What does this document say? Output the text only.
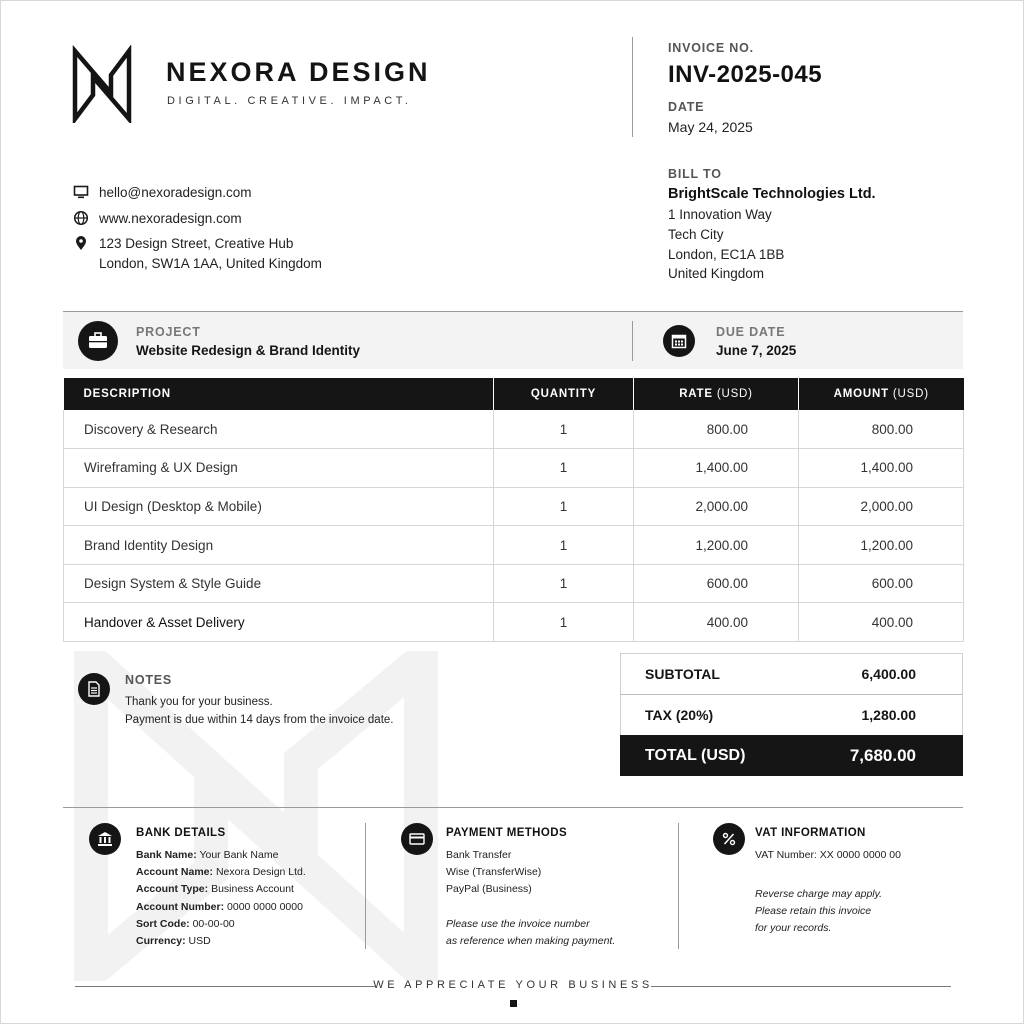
NEXORA DESIGN
DIGITAL. CREATIVE. IMPACT.
INVOICE NO.
INV-2025-045
DATE
May 24, 2025
hello@nexoradesign.com
www.nexoradesign.com
123 Design Street, Creative Hub
London, SW1A 1AA, United Kingdom
BILL TO
BrightScale Technologies Ltd.
1 Innovation Way
Tech City
London, EC1A 1BB
United Kingdom
PROJECT
Website Redesign & Brand Identity
DUE DATE
June 7, 2025
DESCRIPTION	QUANTITY	RATE (USD)	AMOUNT (USD)
Discovery & Research	1	800.00	800.00
Wireframing & UX Design	1	1,400.00	1,400.00
UI Design (Desktop & Mobile)	1	2,000.00	2,000.00
Brand Identity Design	1	1,200.00	1,200.00
Design System & Style Guide	1	600.00	600.00
Handover & Asset Delivery	1	400.00	400.00
NOTES
Thank you for your business.
Payment is due within 14 days from the invoice date.
SUBTOTAL	6,400.00
TAX (20%)	1,280.00
TOTAL (USD)	7,680.00
BANK DETAILS
Bank Name: Your Bank Name
Account Name: Nexora Design Ltd.
Account Type: Business Account
Account Number: 0000 0000 0000
Sort Code: 00-00-00
Currency: USD
PAYMENT METHODS
Bank Transfer
Wise (TransferWise)
PayPal (Business)
Please use the invoice number
as reference when making payment.
VAT INFORMATION
VAT Number: XX 0000 0000 00
Reverse charge may apply.
Please retain this invoice
for your records.
WE APPRECIATE YOUR BUSINESS
